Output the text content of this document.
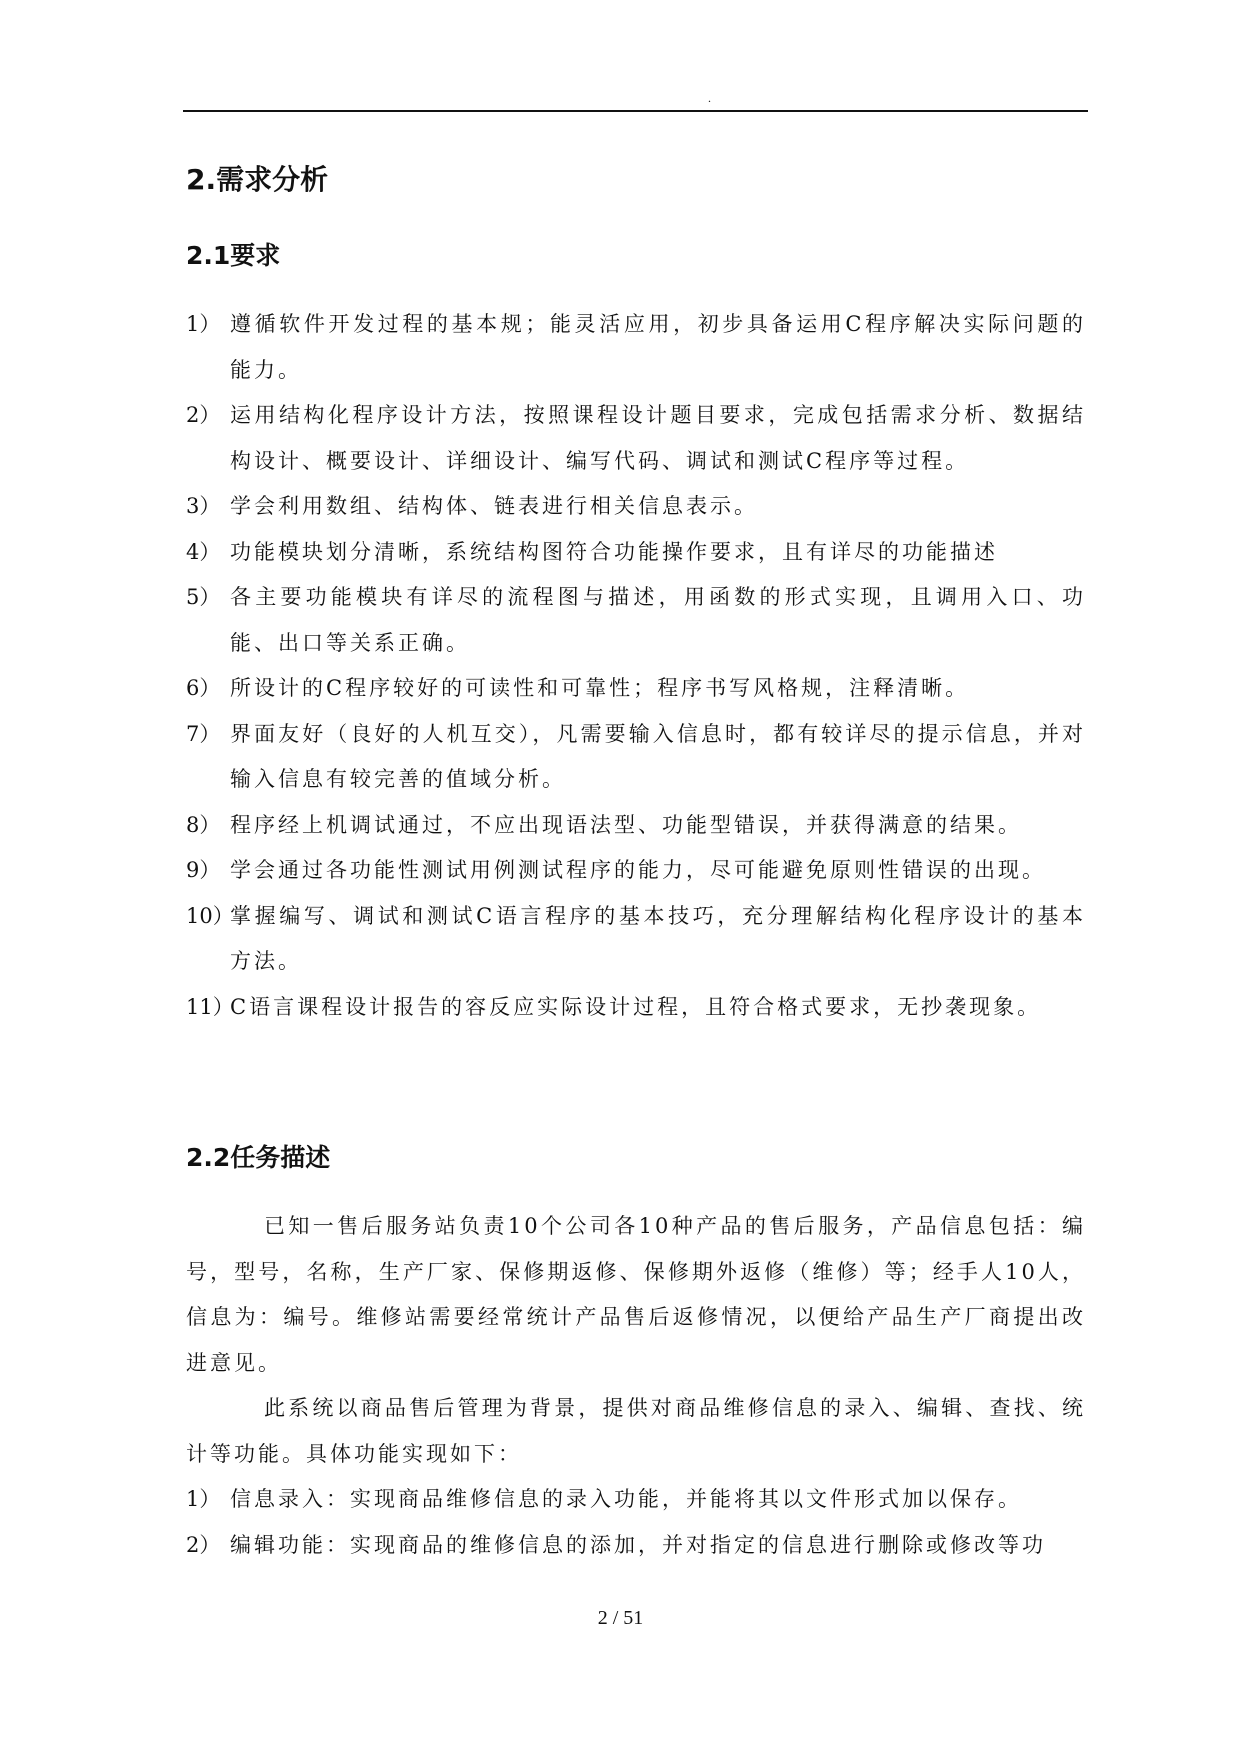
.
2.需求分析
2.1要求
1） 遵循软件开发过程的基本规；能灵活应用，初步具备运用C程序解决实际问题的能力。
2） 运用结构化程序设计方法，按照课程设计题目要求，完成包括需求分析、数据结构设计、概要设计、详细设计、编写代码、调试和测试C程序等过程。
3） 学会利用数组、结构体、链表进行相关信息表示。
4） 功能模块划分清晰，系统结构图符合功能操作要求，且有详尽的功能描述
5） 各主要功能模块有详尽的流程图与描述，用函数的形式实现，且调用入口、功能、出口等关系正确。
6） 所设计的C程序较好的可读性和可靠性；程序书写风格规，注释清晰。
7） 界面友好（良好的人机互交），凡需要输入信息时，都有较详尽的提示信息，并对输入信息有较完善的值域分析。
8） 程序经上机调试通过，不应出现语法型、功能型错误，并获得满意的结果。
9） 学会通过各功能性测试用例测试程序的能力，尽可能避免原则性错误的出现。
10）
掌握编写、调试和测试C语言程序的基本技巧，充分理解结构化程序设计的基本方法。
11）
C语言课程设计报告的容反应实际设计过程，且符合格式要求，无抄袭现象。
2.2任务描述

已知一售后服务站负责10个公司各10种产品的售后服务，产品信息包括：编号，型号，名称，生产厂家、保修期返修、保修期外返修（维修）等；经手人10人，信息为：编号。维修站需要经常统计产品售后返修情况，以便给产品生产厂商提出改进意见。

此系统以商品售后管理为背景，提供对商品维修信息的录入、编辑、查找、统计等功能。具体功能实现如下：

1） 信息录入：实现商品维修信息的录入功能，并能将其以文件形式加以保存。
2） 编辑功能：实现商品的维修信息的添加，并对指定的信息进行删除或修改等功
2 / 51
